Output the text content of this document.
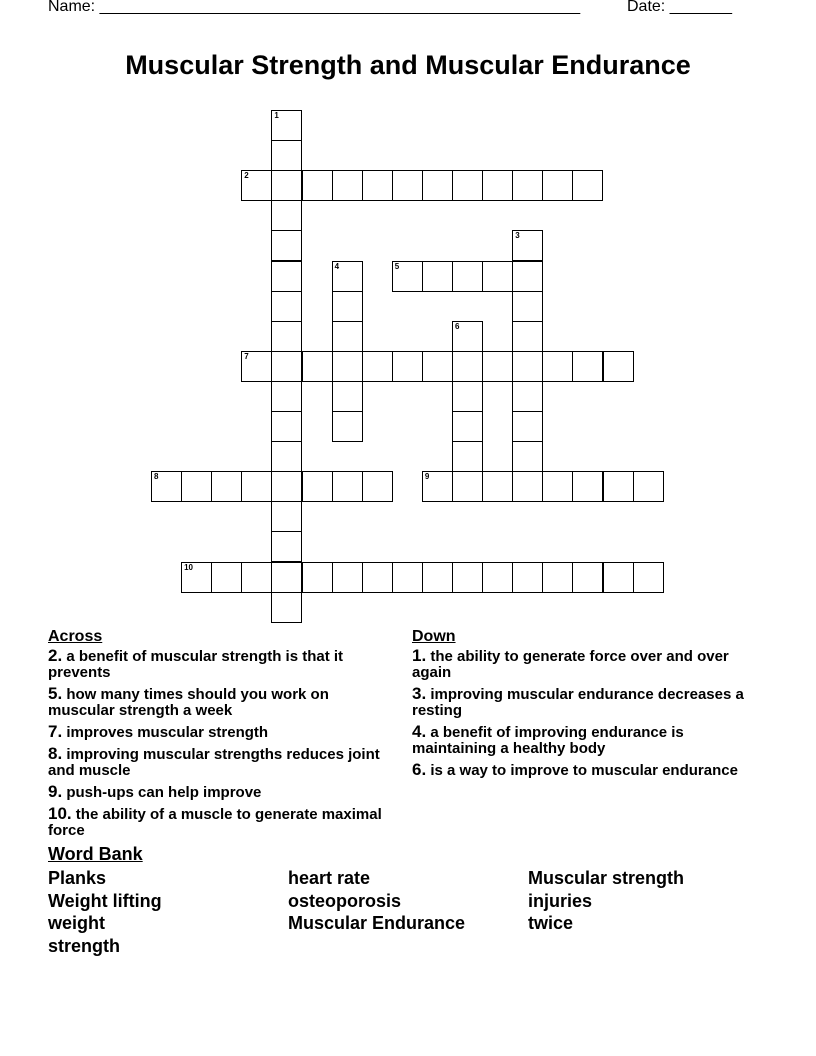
Name: ______________________________________________________	Date: _______
Muscular Strength and Muscular Endurance
1
2
3
4	5
6
7
8	9
10
Across
2. a benefit of muscular strength is that it prevents
5. how many times should you work on muscular strength a week
7. improves muscular strength
8. improving muscular strengths reduces joint and muscle
9. push-ups can help improve
10. the ability of a muscle to generate maximal force
Down
1. the ability to generate force over and over again
3. improving muscular endurance decreases a resting
4. a benefit of improving endurance is maintaining a healthy body
6. is a way to improve to muscular endurance
Word Bank
Planks	heart rate	Muscular strength
Weight lifting	osteoporosis	injuries
weight	Muscular Endurance	twice
strength
